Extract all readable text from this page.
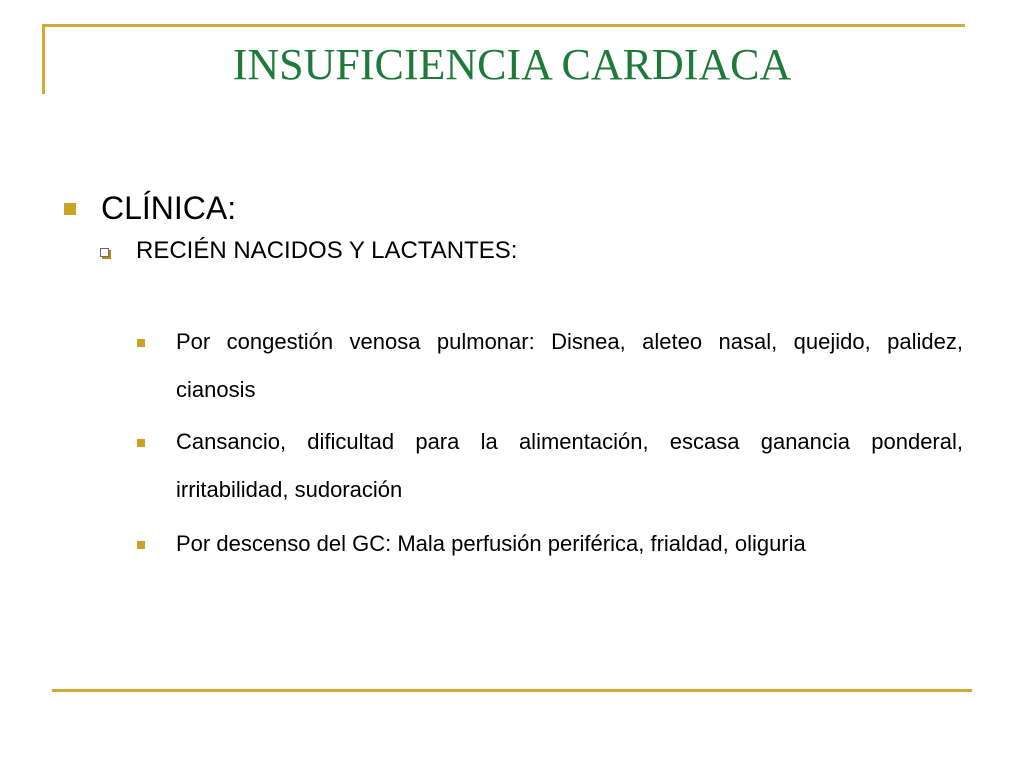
INSUFICIENCIA CARDIACA
CLÍNICA:
RECIÉN NACIDOS Y LACTANTES:
Por congestión venosa pulmonar: Disnea, aleteo nasal, quejido, palidez, cianosis
Cansancio, dificultad para la alimentación, escasa ganancia ponderal, irritabilidad, sudoración
Por descenso del GC: Mala perfusión periférica, frialdad, oliguria
